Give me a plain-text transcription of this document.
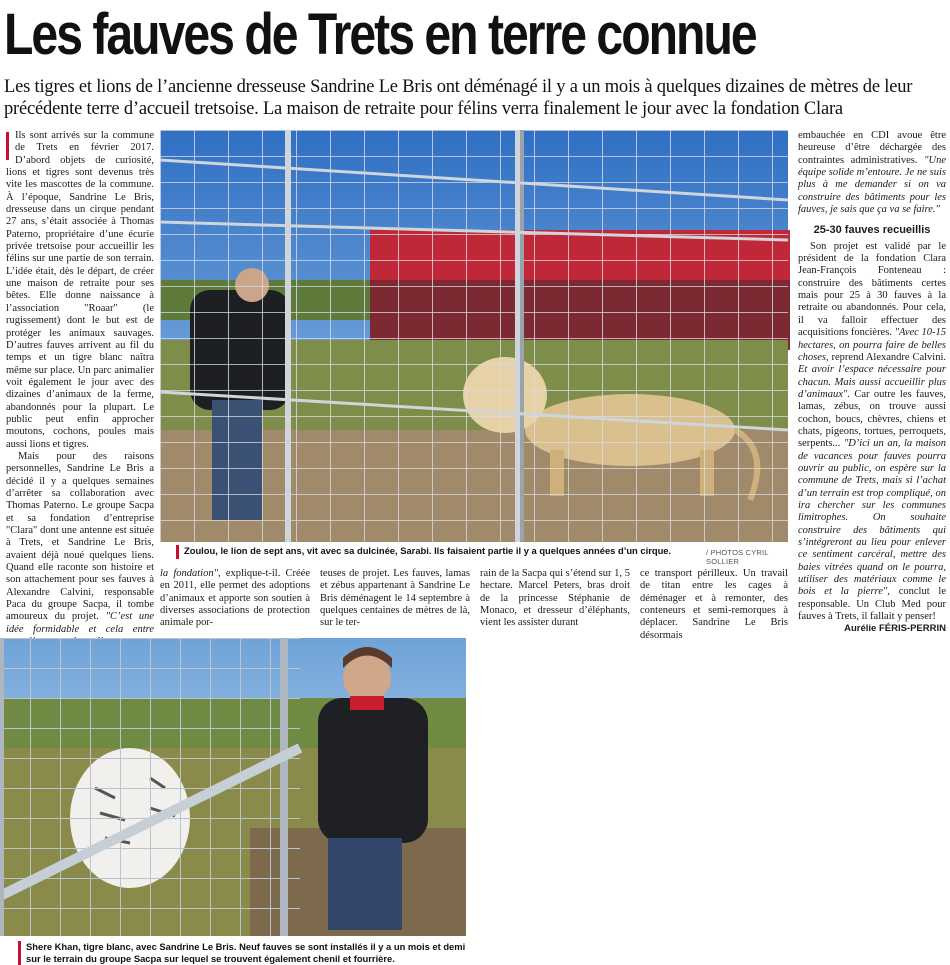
Les fauves de Trets en terre connue

Les tigres et lions de l’ancienne dresseuse Sandrine Le Bris ont déménagé il y a un mois à quelques dizaines de mètres de leur précédente terre d’accueil tretsoise. La maison de retraite pour félins verra finalement le jour avec la fondation Clara

Ils sont arrivés sur la commune de Trets en février 2017. D’abord objets de curiosité, lions et tigres sont devenus très vite les mascottes de la commune. À l’époque, Sandrine Le Bris, dresseuse dans un cirque pendant 27 ans, s’était associée à Thomas Paterno, propriétaire d’une écurie privée tretsoise pour accueillir les félins sur une partie de son terrain. L’idée était, dès le départ, de créer une maison de retraite pour ses bêtes. Elle donne naissance à l’association "Roaar" (le rugissement) dont le but est de protéger les animaux sauvages. D’autres fauves arrivent au fil du temps et un tigre blanc naîtra même sur place. Un parc animalier voit également le jour avec des dizaines d’animaux de la ferme, abandonnés pour la plupart. Le public peut enfin approcher moutons, cochons, poules mais aussi lions et tigres.

Mais pour des raisons personnelles, Sandrine Le Bris a décidé il y a quelques semaines d’arrêter sa collaboration avec Thomas Paterno. Le groupe Sacpa et sa fondation d’entreprise "Clara" dont une antenne est située à Trets, et Sandrine Le Bris, avaient déjà noué quelques liens. Quand elle raconte son histoire et son attachement pour ses fauves à Alexandre Calvini, responsable Paca du groupe Sacpa, il tombe amoureux du projet. "C’est une idée formidable et cela entre

Zoulou, le lion de sept ans, vit avec sa dulcinée, Sarabi. Ils faisaient partie il y a quelques années d’un cirque.	/ PHOTOS CYRIL SOLLIER

la fondation", explique-t-il. Créée en 2011, elle permet des adoptions d’animaux et apporte son soutien à diverses associations de protection animale por-

teuses de projet. Les fauves, lamas et zébus appartenant à Sandrine Le Bris déménagent le 14 septembre à quelques centaines de mètres de là, sur le ter-

rain de la Sacpa qui s’étend sur 1, 5 hectare. Marcel Peters, bras droit de la princesse Stéphanie de Monaco, et dresseur d’éléphants, vient les assister durant

ce transport périlleux. Un travail de titan entre les cages à déménager et à remonter, des conteneurs et semi-remorques à déplacer. Sandrine Le Bris désormais

embauchée en CDI avoue être heureuse d’être déchargée des contraintes administratives. "Une équipe solide m’entoure. Je ne suis plus à me demander si on va construire des bâtiments pour les fauves, je sais que ça va se faire."

25-30 fauves recueillis

Son projet est validé par le président de la fondation Clara Jean-François Fonteneau : construire des bâtiments certes mais pour 25 à 30 fauves à la retraite ou abandonnés. Pour cela, il va falloir effectuer des acquisitions foncières. "Avec 10-15 hectares, on pourra faire de belles choses, reprend Alexandre Calvini. Et avoir l’espace nécessaire pour chacun. Mais aussi accueillir plus d’animaux". Car outre les fauves, lamas, zébus, on trouve aussi cochon, boucs, chèvres, chiens et chats, pigeons, tortues, perroquets, serpents... "D’ici un an, la maison de vacances pour fauves pourra ouvrir au public, on espère sur la commune de Trets, mais si l’achat d’un terrain est trop compliqué, on ira chercher sur les communes limitrophes. On souhaite construire des bâtiments qui s’intégreront au lieu pour enlever ce sentiment carcéral, mettre des baies vitrées quand on le pourra, utiliser des matériaux comme le bois et la pierre", conclut le responsable. Un Club Med pour fauves à Trets, il fallait y penser!

Aurélie FÉRIS-PERRIN

Shere Khan, tigre blanc, avec Sandrine Le Bris. Neuf fauves se sont installés il y a un mois et demi sur le terrain du groupe Sacpa sur lequel se trouvent également chenil et fourrière.
